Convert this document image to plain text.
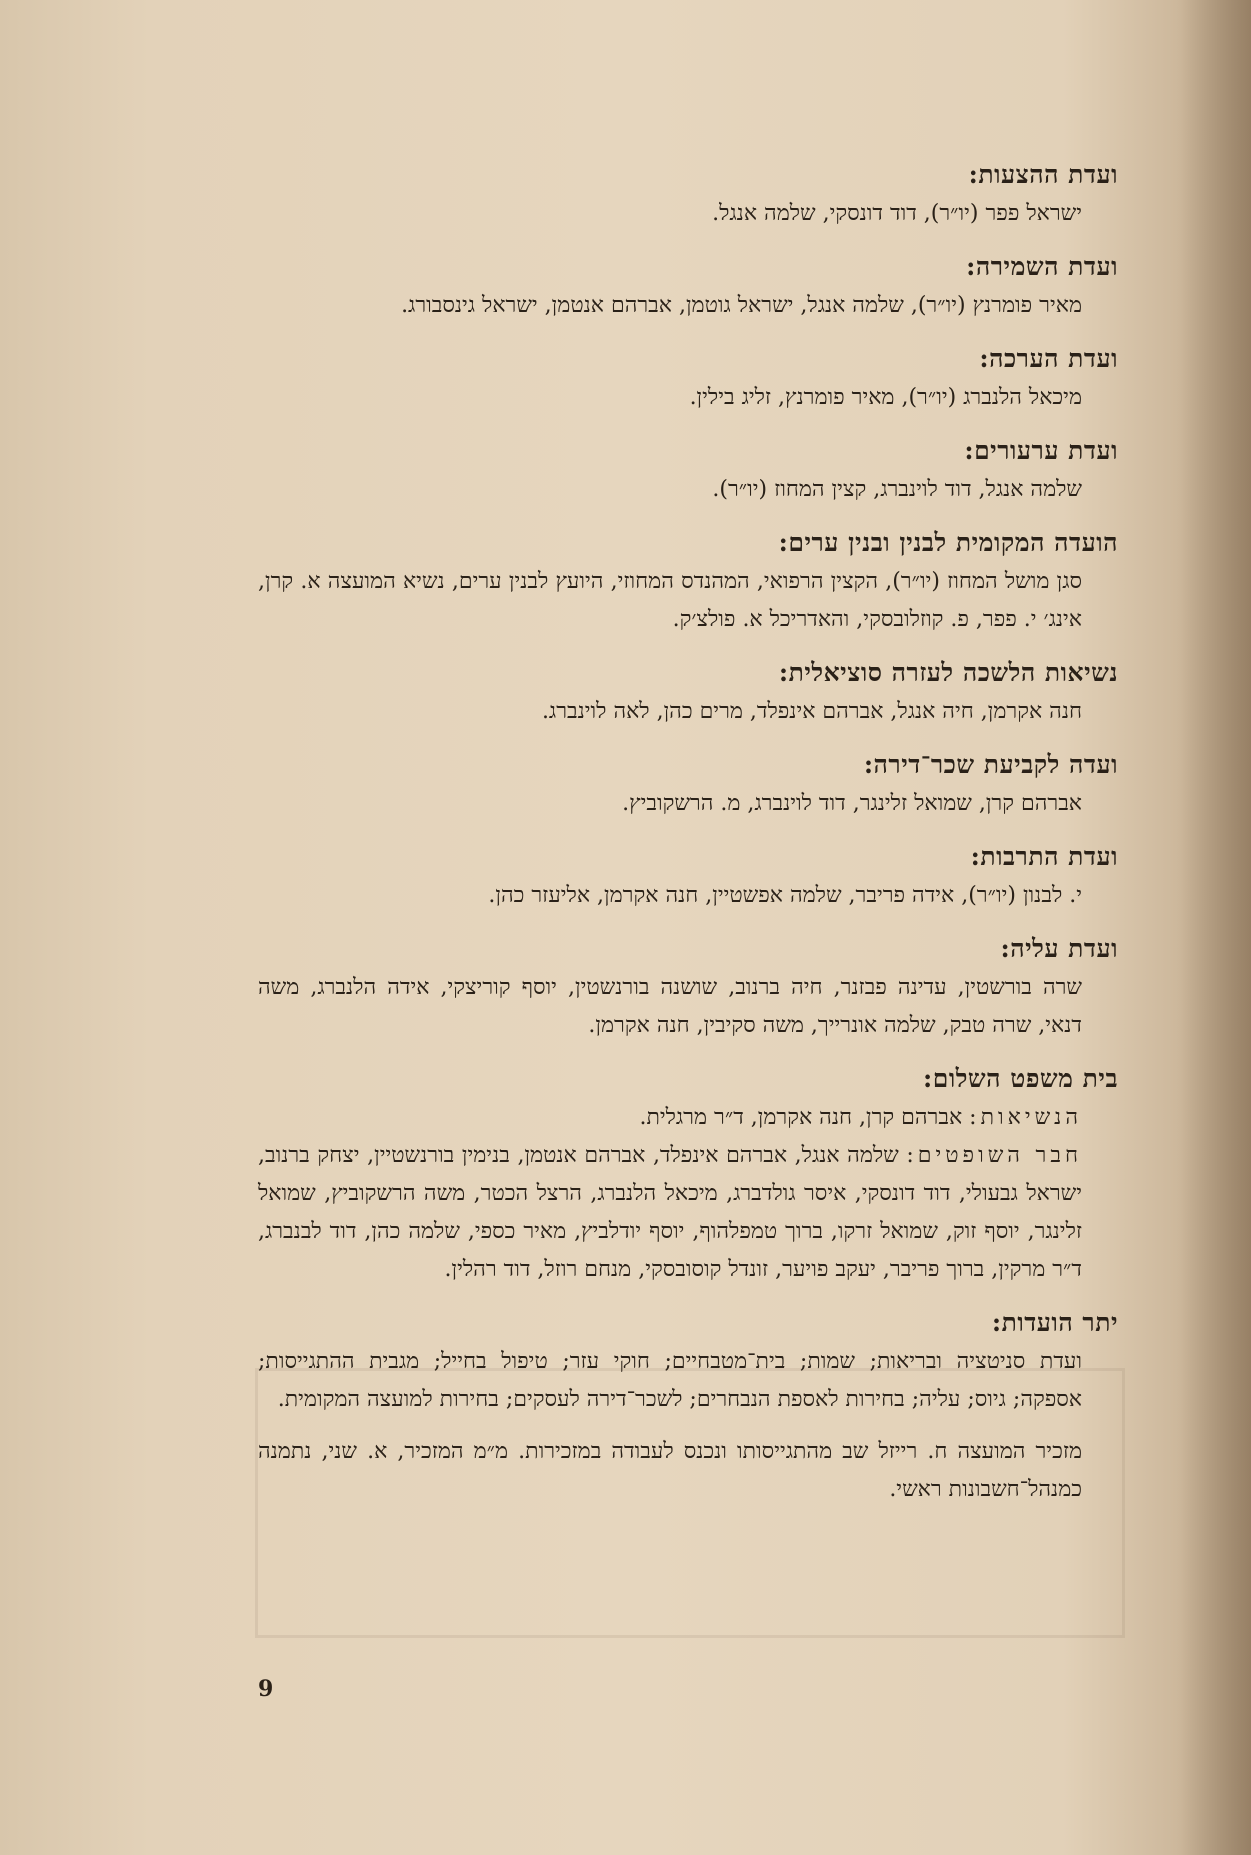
ועדת ההצעות:
ישראל פפר (יו״ר), דוד דונסקי, שלמה אנגל.
ועדת השמירה:
מאיר פומרנץ (יו״ר), שלמה אנגל, ישראל גוטמן, אברהם אנטמן, ישראל גינסבורג.
ועדת הערכה:
מיכאל הלנברג (יו״ר), מאיר פומרנץ, זליג בילין.
ועדת ערעורים:
שלמה אנגל, דוד לוינברג, קצין המחוז (יו״ר).
הועדה המקומית לבנין ובנין ערים:
סגן מושל המחוז (יו״ר), הקצין הרפואי, המהנדס המחוזי, היועץ לבנין ערים, נשיא המועצה א. קרן, אינג׳ י. פפר, פ. קוזלובסקי, והאדריכל א. פולצ׳ק.
נשיאות הלשכה לעזרה סוציאלית:
חנה אקרמן, חיה אנגל, אברהם אינפלד, מרים כהן, לאה לוינברג.
ועדה לקביעת שכר־דירה:
אברהם קרן, שמואל זלינגר, דוד לוינברג, מ. הרשקוביץ.
ועדת התרבות:
י. לבנון (יו״ר), אידה פריבר, שלמה אפשטיין, חנה אקרמן, אליעזר כהן.
ועדת עליה:
שרה בורשטין, עדינה פבזנר, חיה ברנוב, שושנה בורנשטין, יוסף קוריצקי, אידה הלנברג, משה דנאי, שרה טבק, שלמה אונרייך, משה סקיבין, חנה אקרמן.
בית משפט השלום:
הנשיאות: אברהם קרן, חנה אקרמן, ד״ר מרגלית.
חבר השופטים: שלמה אנגל, אברהם אינפלד, אברהם אנטמן, בנימין בורנשטיין, יצחק ברנוב, ישראל גבעולי, דוד דונסקי, איסר גולדברג, מיכאל הלנברג, הרצל הכטר, משה הרשקוביץ, שמואל זלינגר, יוסף זוק, שמואל זרקו, ברוך טמפלהוף, יוסף יודלביץ, מאיר כספי, שלמה כהן, דוד לבנברג, ד״ר מרקין, ברוך פריבר, יעקב פויער, זונדל קוסובסקי, מנחם רוזל, דוד רהלין.
יתר הועדות:
ועדת סניטציה ובריאות; שמות; בית־מטבחיים; חוקי עזר; טיפול בחייל; מגבית ההתגייסות; אספקה; גיוס; עליה; בחירות לאספת הנבחרים; לשכר־דירה לעסקים; בחירות למועצה המקומית.
מזכיר המועצה ח. רייזל שב מהתגייסותו ונכנס לעבודה במזכירות. מ״מ המזכיר, א. שני, נתמנה כמנהל־חשבונות ראשי.
9
